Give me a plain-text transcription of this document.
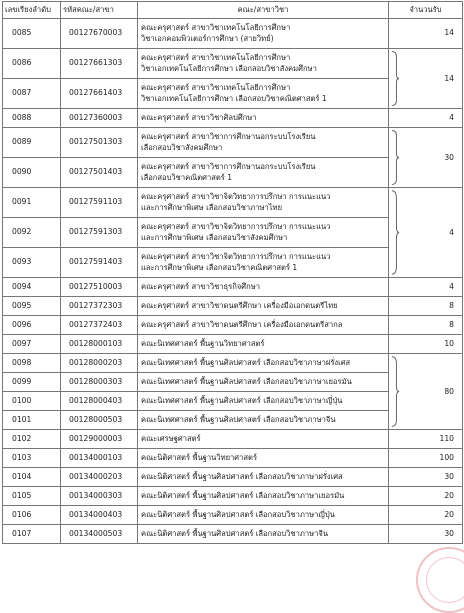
เลขเรียงลำดับ	รหัสคณะ/สาขา	คณะ/สาขาวิชา	จำนวนรับ
0085	00127670003	คณะครุศาสตร์ สาขาวิชาเทคโนโลยีการศึกษา
วิชาเอกคอมพิวเตอร์การศึกษา (สายวิทย์)	14
0086	00127661303	คณะครุศาสตร์ สาขาวิชาเทคโนโลยีการศึกษา
วิชาเอกเทคโนโลยีการศึกษา เลือกสอบวิชาสังคมศึกษา	14

0087	00127661403	คณะครุศาสตร์ สาขาวิชาเทคโนโลยีการศึกษา
วิชาเอกเทคโนโลยีการศึกษา เลือกสอบวิชาคณิตศาสตร์ 1	

0088	00127360003	คณะครุศาสตร์ สาขาวิชาศิลปศึกษา	4
0089	00127501303	คณะครุศาสตร์ สาขาวิชาการศึกษานอกระบบโรงเรียน
เลือกสอบวิชาสังคมศึกษา	30

0090	00127501403	คณะครุศาสตร์ สาขาวิชาการศึกษานอกระบบโรงเรียน
เลือกสอบวิชาคณิตศาสตร์ 1	

0091	00127591103	คณะครุศาสตร์ สาขาวิชาจิตวิทยาการปรึกษา การแนะแนว
และการศึกษาพิเศษ เลือกสอบวิชาภาษาไทย	4

0092	00127591303	คณะครุศาสตร์ สาขาวิชาจิตวิทยาการปรึกษา การแนะแนว
และการศึกษาพิเศษ เลือกสอบวิชาสังคมศึกษา	

0093	00127591403	คณะครุศาสตร์ สาขาวิชาจิตวิทยาการปรึกษา การแนะแนว
และการศึกษาพิเศษ เลือกสอบวิชาคณิตศาสตร์ 1	

0094	00127510003	คณะครุศาสตร์ สาขาวิชาธุรกิจศึกษา	4
0095	00127372303	คณะครุศาสตร์ สาขาวิชาดนตรีศึกษา เครื่องมือเอกดนตรีไทย	8
0096	00127372403	คณะครุศาสตร์ สาขาวิชาดนตรีศึกษา เครื่องมือเอกดนตรีสากล	8
0097	00128000103	คณะนิเทศศาสตร์ พื้นฐานวิทยาศาสตร์	10
0098	00128000203	คณะนิเทศศาสตร์ พื้นฐานศิลปศาสตร์ เลือกสอบวิชาภาษาฝรั่งเศส	80

0099	00128000303	คณะนิเทศศาสตร์ พื้นฐานศิลปศาสตร์ เลือกสอบวิชาภาษาเยอรมัน	

0100	00128000403	คณะนิเทศศาสตร์ พื้นฐานศิลปศาสตร์ เลือกสอบวิชาภาษาญี่ปุ่น	

0101	00128000503	คณะนิเทศศาสตร์ พื้นฐานศิลปศาสตร์ เลือกสอบวิชาภาษาจีน	

0102	00129000003	คณะเศรษฐศาสตร์	110
0103	00134000103	คณะนิติศาสตร์ พื้นฐานวิทยาศาสตร์	100
0104	00134000203	คณะนิติศาสตร์ พื้นฐานศิลปศาสตร์ เลือกสอบวิชาภาษาฝรั่งเศส	30
0105	00134000303	คณะนิติศาสตร์ พื้นฐานศิลปศาสตร์ เลือกสอบวิชาภาษาเยอรมัน	20
0106	00134000403	คณะนิติศาสตร์ พื้นฐานศิลปศาสตร์ เลือกสอบวิชาภาษาญี่ปุ่น	20
0107	00134000503	คณะนิติศาสตร์ พื้นฐานศิลปศาสตร์ เลือกสอบวิชาภาษาจีน	30
